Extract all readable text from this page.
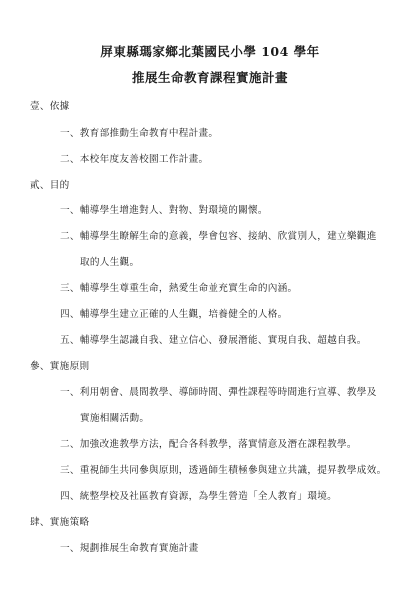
屏東縣瑪家鄉北葉國民小學 104 學年
推展生命教育課程實施計畫
壹、依據
一、教育部推動生命教育中程計畫。
二、本校年度友善校園工作計畫。
貳、目的
一、輔導學生增進對人、對物、對環境的關懷。
二、輔導學生瞭解生命的意義，學會包容、接納、欣賞別人，建立樂觀進
取的人生觀。
三、輔導學生尊重生命，熱愛生命並充實生命的內涵。
四、輔導學生建立正確的人生觀，培養健全的人格。
五、輔導學生認識自我、建立信心、發展潛能、實現自我、超越自我。
參、實施原則
一、利用朝會、晨間教學、導師時間、彈性課程等時間進行宣導、教學及
實施相關活動。
二、加強改進教學方法，配合各科教學，落實情意及潛在課程教學。
三、重視師生共同參與原則，透過師生積極參與建立共識，提昇教學成效。
四、統整學校及社區教育資源，為學生營造「全人教育」環境。
肆、實施策略
一、規劃推展生命教育實施計畫
